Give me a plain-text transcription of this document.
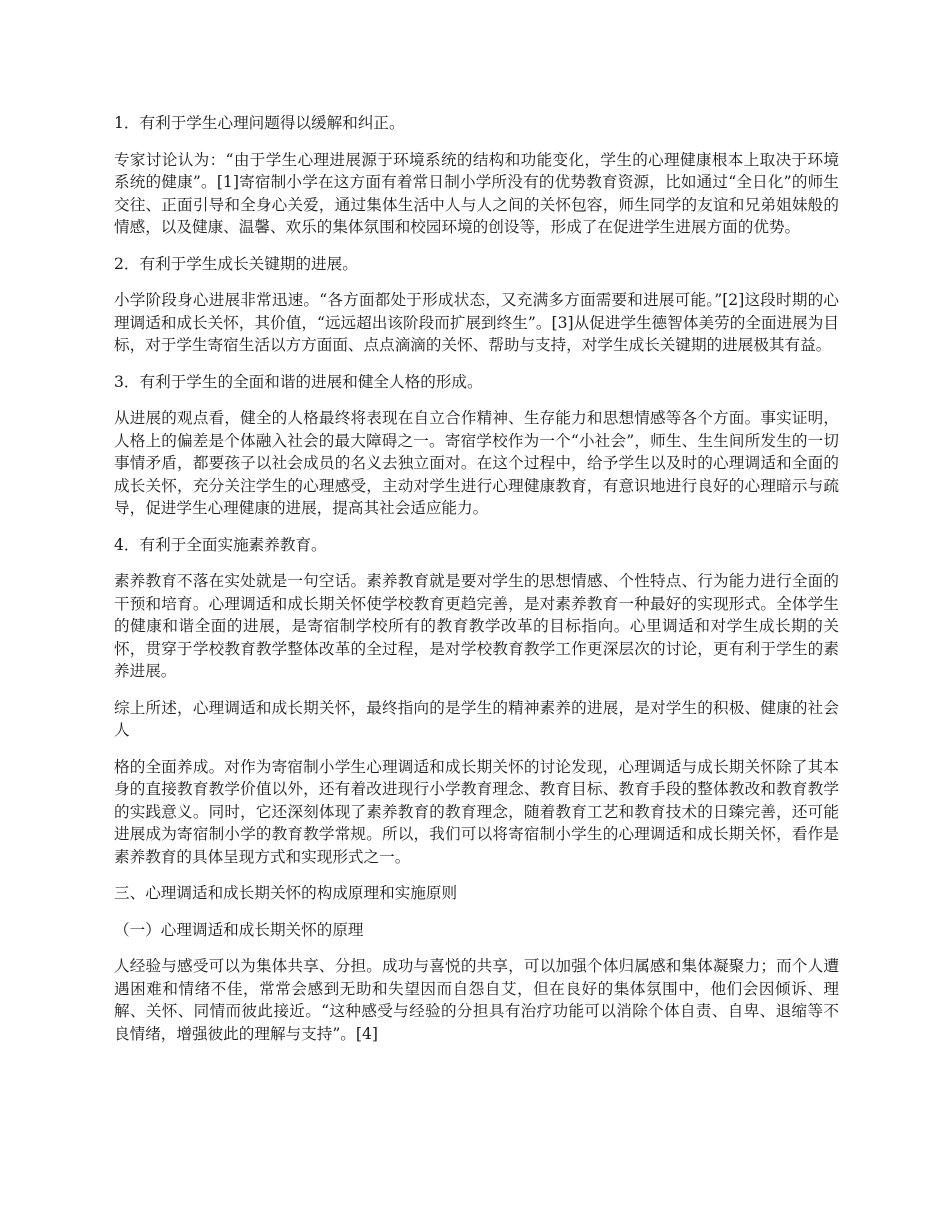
1．有利于学生心理问题得以缓解和纠正。

专家讨论认为：“由于学生心理进展源于环境系统的结构和功能变化，学生的心理健康根本上取决于环境系统的健康”。[1]寄宿制小学在这方面有着常日制小学所没有的优势教育资源，比如通过“全日化”的师生交往、正面引导和全身心关爱，通过集体生活中人与人之间的关怀包容，师生同学的友谊和兄弟姐妹般的情感，以及健康、温馨、欢乐的集体氛围和校园环境的创设等，形成了在促进学生进展方面的优势。

2．有利于学生成长关键期的进展。

小学阶段身心进展非常迅速。“各方面都处于形成状态，又充满多方面需要和进展可能。”[2]这段时期的心理调适和成长关怀，其价值，“远远超出该阶段而扩展到终生”。[3]从促进学生德智体美劳的全面进展为目标，对于学生寄宿生活以方方面面、点点滴滴的关怀、帮助与支持，对学生成长关键期的进展极其有益。

3．有利于学生的全面和谐的进展和健全人格的形成。

从进展的观点看，健全的人格最终将表现在自立合作精神、生存能力和思想情感等各个方面。事实证明，人格上的偏差是个体融入社会的最大障碍之一。寄宿学校作为一个“小社会”，师生、生生间所发生的一切事情矛盾，都要孩子以社会成员的名义去独立面对。在这个过程中，给予学生以及时的心理调适和全面的成长关怀，充分关注学生的心理感受，主动对学生进行心理健康教育，有意识地进行良好的心理暗示与疏导，促进学生心理健康的进展，提高其社会适应能力。

4．有利于全面实施素养教育。

素养教育不落在实处就是一句空话。素养教育就是要对学生的思想情感、个性特点、行为能力进行全面的干预和培育。心理调适和成长期关怀使学校教育更趋完善，是对素养教育一种最好的实现形式。全体学生的健康和谐全面的进展，是寄宿制学校所有的教育教学改革的目标指向。心里调适和对学生成长期的关怀，贯穿于学校教育教学整体改革的全过程，是对学校教育教学工作更深层次的讨论，更有利于学生的素养进展。

综上所述，心理调适和成长期关怀，最终指向的是学生的精神素养的进展，是对学生的积极、健康的社会人

格的全面养成。对作为寄宿制小学生心理调适和成长期关怀的讨论发现，心理调适与成长期关怀除了其本身的直接教育教学价值以外，还有着改进现行小学教育理念、教育目标、教育手段的整体教改和教育教学的实践意义。同时，它还深刻体现了素养教育的教育理念，随着教育工艺和教育技术的日臻完善，还可能进展成为寄宿制小学的教育教学常规。所以，我们可以将寄宿制小学生的心理调适和成长期关怀，看作是素养教育的具体呈现方式和实现形式之一。

三、心理调适和成长期关怀的构成原理和实施原则

（一）心理调适和成长期关怀的原理

人经验与感受可以为集体共享、分担。成功与喜悦的共享，可以加强个体归属感和集体凝聚力；而个人遭遇困难和情绪不佳，常常会感到无助和失望因而自怨自艾，但在良好的集体氛围中，他们会因倾诉、理解、关怀、同情而彼此接近。“这种感受与经验的分担具有治疗功能可以消除个体自责、自卑、退缩等不良情绪，增强彼此的理解与支持”。[4]
